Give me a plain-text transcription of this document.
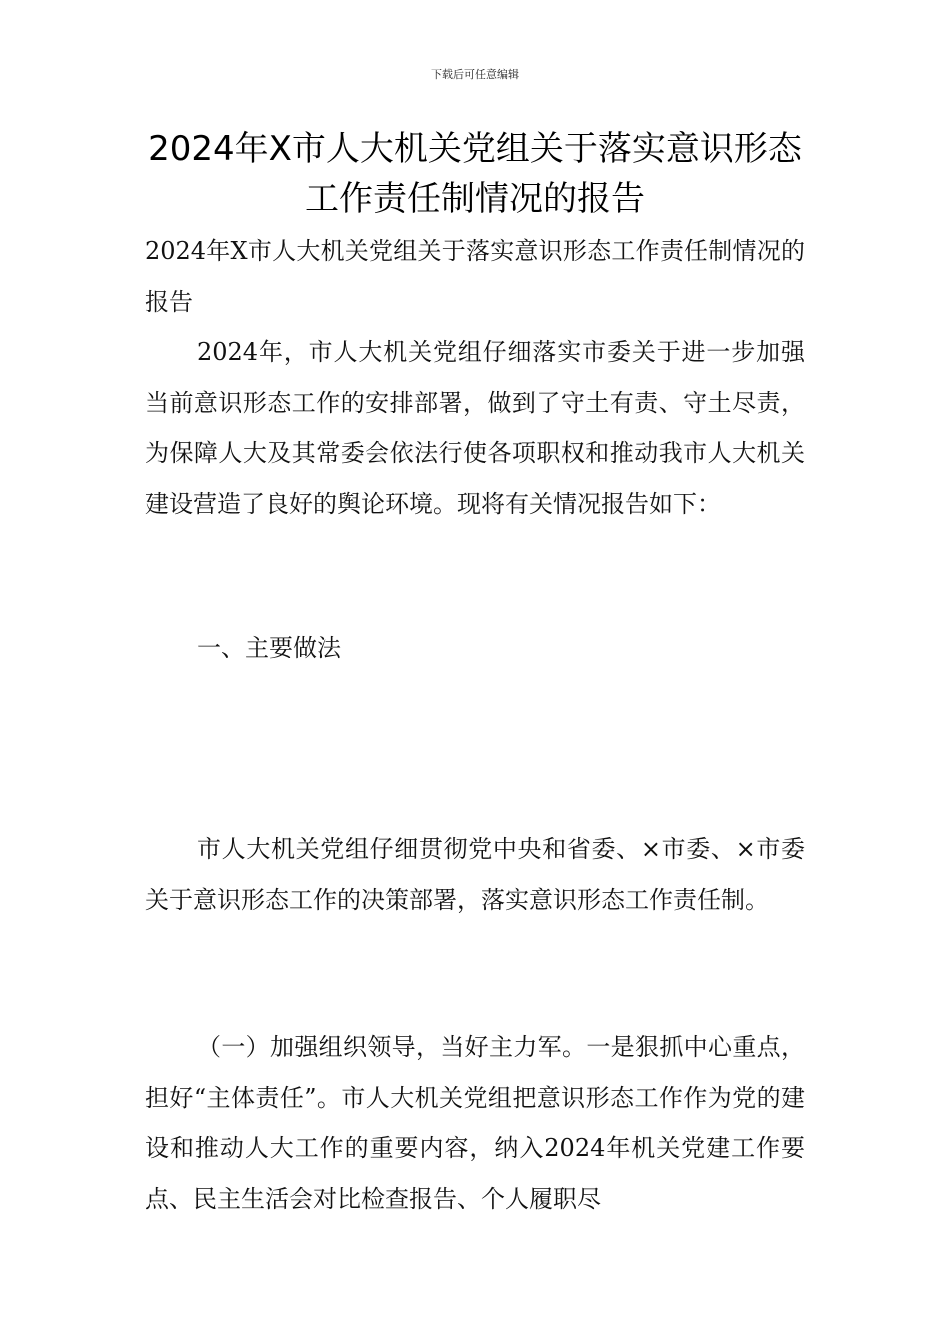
下载后可任意编辑
2024年X市人大机关党组关于落实意识形态工作责任制情况的报告

2024年X市人大机关党组关于落实意识形态工作责任制情况的报告

2024年，市人大机关党组仔细落实市委关于进一步加强当前意识形态工作的安排部署，做到了守土有责、守土尽责，为保障人大及其常委会依法行使各项职权和推动我市人大机关建设营造了良好的舆论环境。现将有关情况报告如下：

一、主要做法

市人大机关党组仔细贯彻党中央和省委、×市委、×市委关于意识形态工作的决策部署，落实意识形态工作责任制。

（一）加强组织领导，当好主力军。一是狠抓中心重点，担好“主体责任”。市人大机关党组把意识形态工作作为党的建设和推动人大工作的重要内容，纳入2024年机关党建工作要点、民主生活会对比检查报告、个人履职尽
